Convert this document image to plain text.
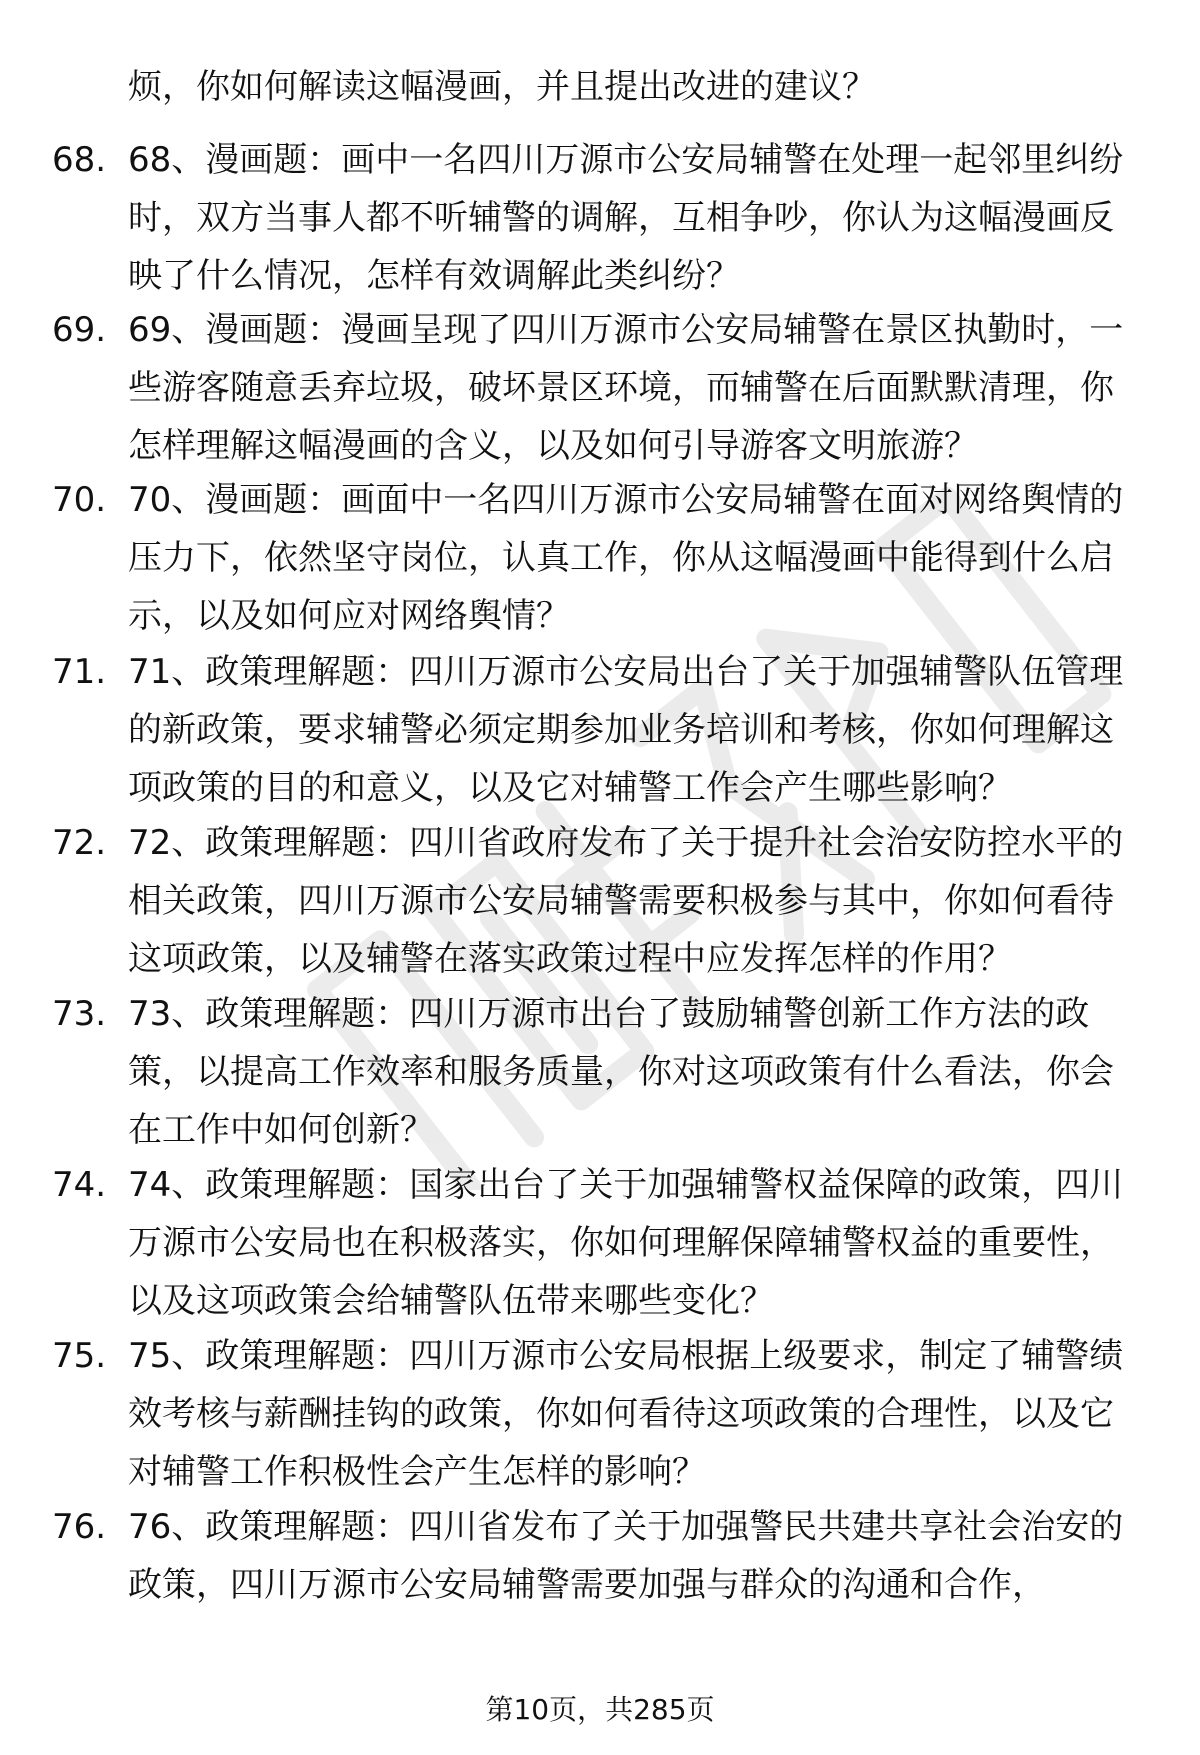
烦，你如何解读这幅漫画，并且提出改进的建议？
68. 68、漫画题：画中一名四川万源市公安局辅警在处理一起邻里纠纷时，双方当事人都不听辅警的调解，互相争吵，你认为这幅漫画反映了什么情况，怎样有效调解此类纠纷？
69. 69、漫画题：漫画呈现了四川万源市公安局辅警在景区执勤时，一些游客随意丢弃垃圾，破坏景区环境，而辅警在后面默默清理，你怎样理解这幅漫画的含义，以及如何引导游客文明旅游？
70. 70、漫画题：画面中一名四川万源市公安局辅警在面对网络舆情的压力下，依然坚守岗位，认真工作，你从这幅漫画中能得到什么启示，以及如何应对网络舆情？
71. 71、政策理解题：四川万源市公安局出台了关于加强辅警队伍管理的新政策，要求辅警必须定期参加业务培训和考核，你如何理解这项政策的目的和意义，以及它对辅警工作会产生哪些影响？
72. 72、政策理解题：四川省政府发布了关于提升社会治安防控水平的相关政策，四川万源市公安局辅警需要积极参与其中，你如何看待这项政策，以及辅警在落实政策过程中应发挥怎样的作用？
73. 73、政策理解题：四川万源市出台了鼓励辅警创新工作方法的政策，以提高工作效率和服务质量，你对这项政策有什么看法，你会在工作中如何创新？
74. 74、政策理解题：国家出台了关于加强辅警权益保障的政策，四川万源市公安局也在积极落实，你如何理解保障辅警权益的重要性，以及这项政策会给辅警队伍带来哪些变化？
75. 75、政策理解题：四川万源市公安局根据上级要求，制定了辅警绩效考核与薪酬挂钩的政策，你如何看待这项政策的合理性，以及它对辅警工作积极性会产生怎样的影响？
76. 76、政策理解题：四川省发布了关于加强警民共建共享社会治安的政策，四川万源市公安局辅警需要加强与群众的沟通和合作，
第10页，共285页
